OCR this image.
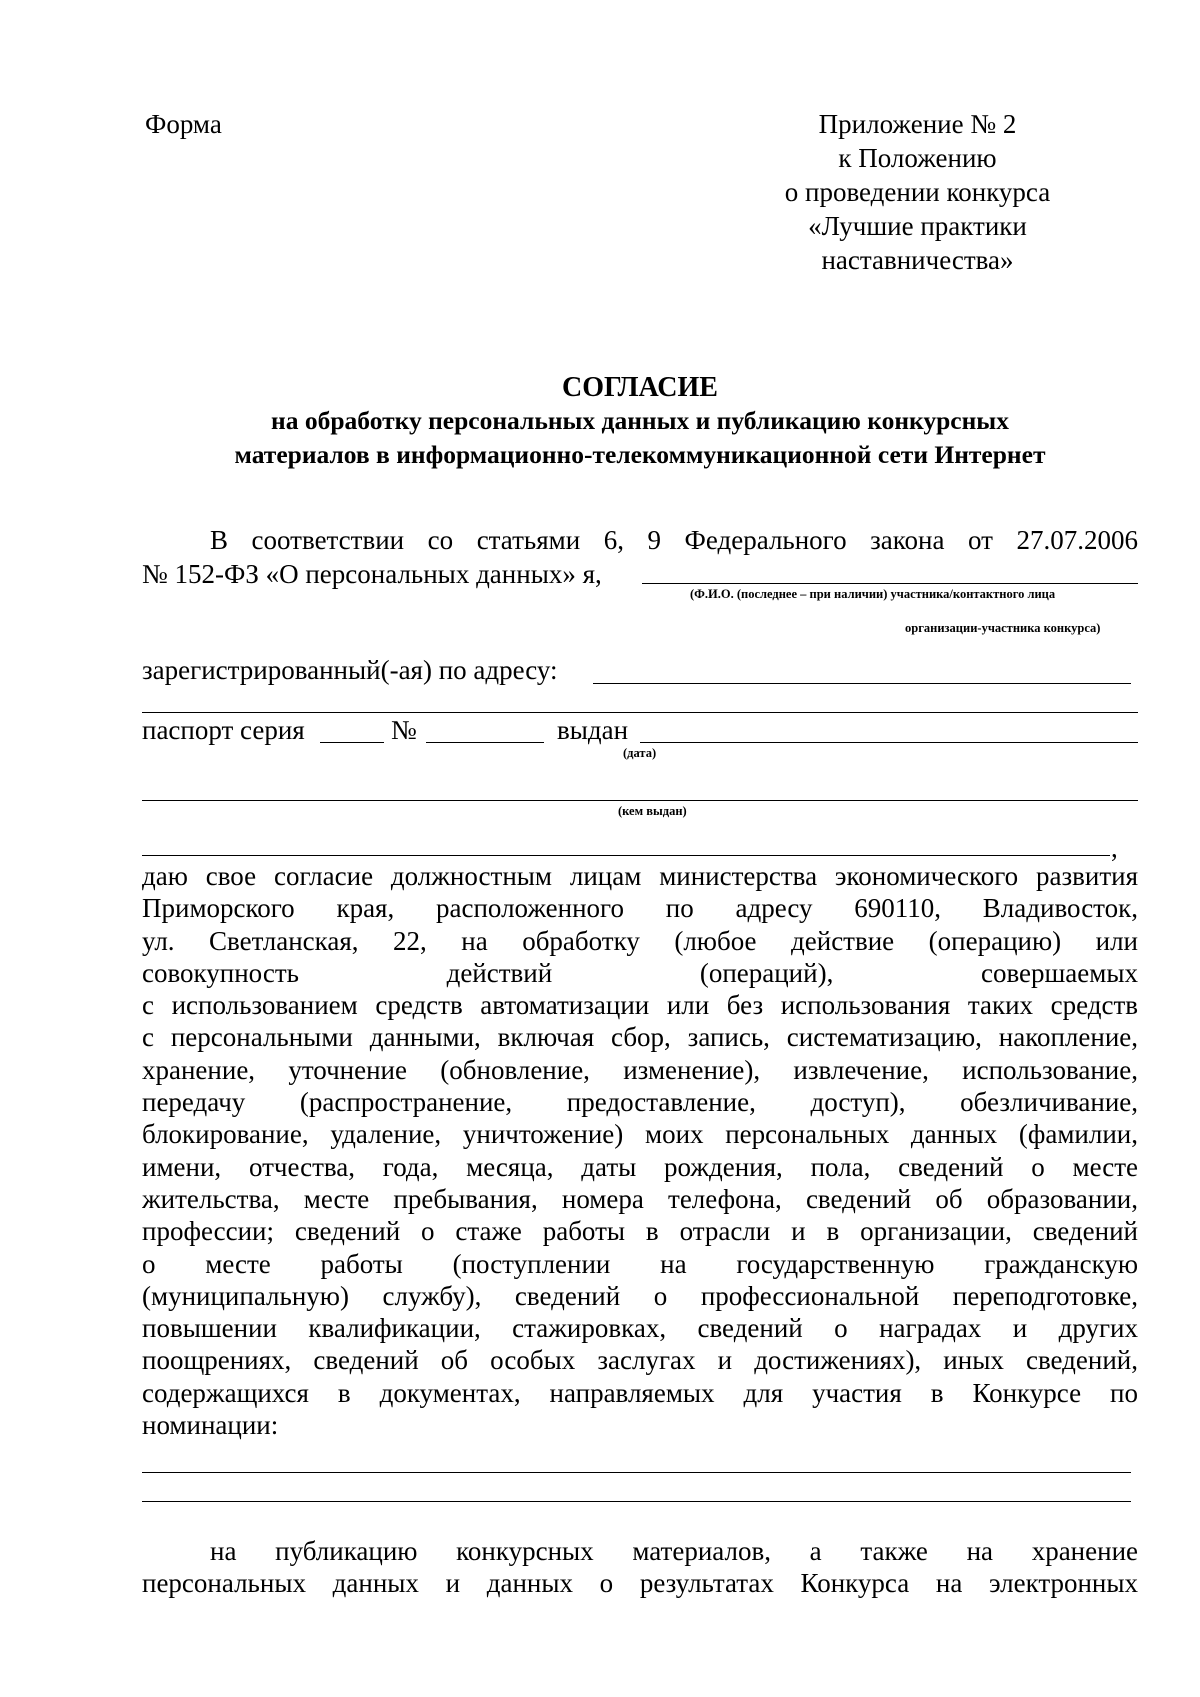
Форма	Приложение № 2
к Положению
о проведении конкурса
«Лучшие практики
наставничества»
СОГЛАСИЕ
на обработку персональных данных и публикацию конкурсных
материалов в информационно-телекоммуникационной сети Интернет
В соответствии со статьями 6, 9 Федерального закона от 27.07.2006
№ 152-ФЗ «О персональных данных» я,
(Ф.И.О. (последнее – при наличии) участника/контактного лица
организации-участника конкурса)
зарегистрированный(-ая) по адресу:
паспорт серия	№	выдан
(дата)
(кем выдан)
,
даю свое согласие должностным лицам министерства экономического развития
Приморского края, расположенного по адресу 690110, Владивосток,
ул. Светланская, 22, на обработку (любое действие (операцию) или
совокупность действий (операций), совершаемых
с использованием средств автоматизации или без использования таких средств
с персональными данными, включая сбор, запись, систематизацию, накопление,
хранение, уточнение (обновление, изменение), извлечение, использование,
передачу (распространение, предоставление, доступ), обезличивание,
блокирование, удаление, уничтожение) моих персональных данных (фамилии,
имени, отчества, года, месяца, даты рождения, пола, сведений о месте
жительства, месте пребывания, номера телефона, сведений об образовании,
профессии; сведений о стаже работы в отрасли и в организации, сведений
о месте работы (поступлении на государственную гражданскую
(муниципальную) службу), сведений о профессиональной переподготовке,
повышении квалификации, стажировках, сведений о наградах и других
поощрениях, сведений об особых заслугах и достижениях), иных сведений,
содержащихся в документах, направляемых для участия в Конкурсе по
номинации:
на публикацию конкурсных материалов, а также на хранение
персональных данных и данных о результатах Конкурса на электронных
